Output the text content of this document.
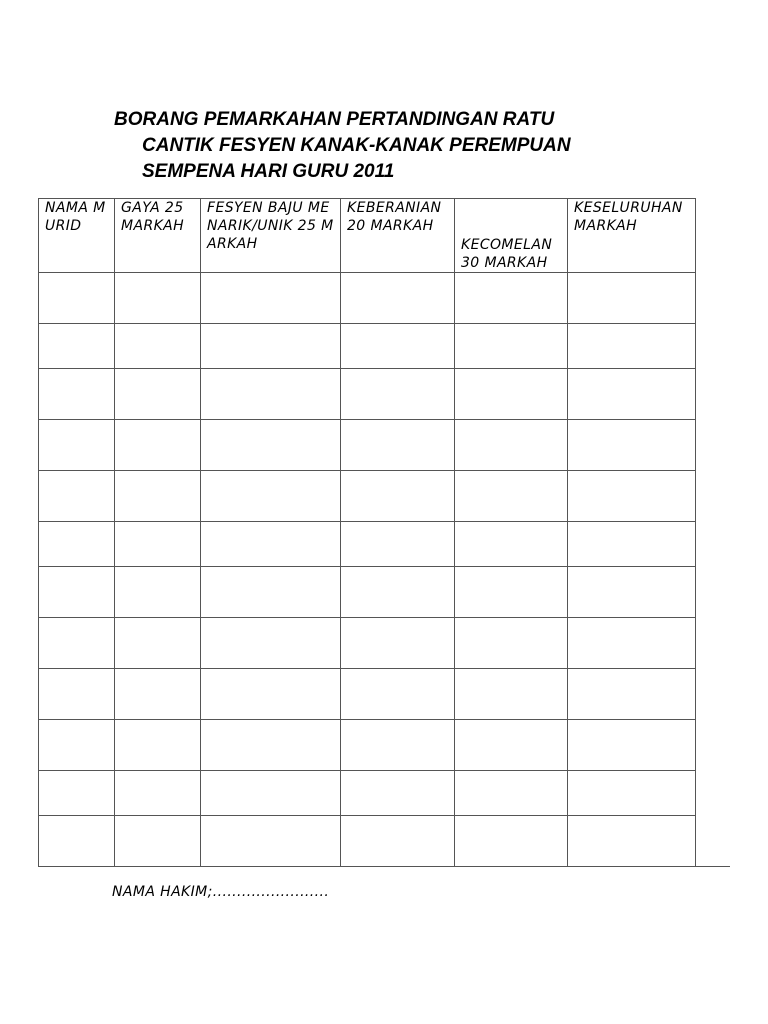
BORANG PEMARKAHAN PERTANDINGAN RATU
CANTIK FESYEN KANAK-KANAK PEREMPUAN
SEMPENA HARI GURU 2011
NAMA MURID	GAYA 25 MARKAH	FESYEN BAJU MENARIK/UNIK 25 MARKAH	KEBERANIAN 20 MARKAH	KECOMELAN 30 MARKAH	KESELURUHAN MARKAH

NAMA HAKIM;........................
